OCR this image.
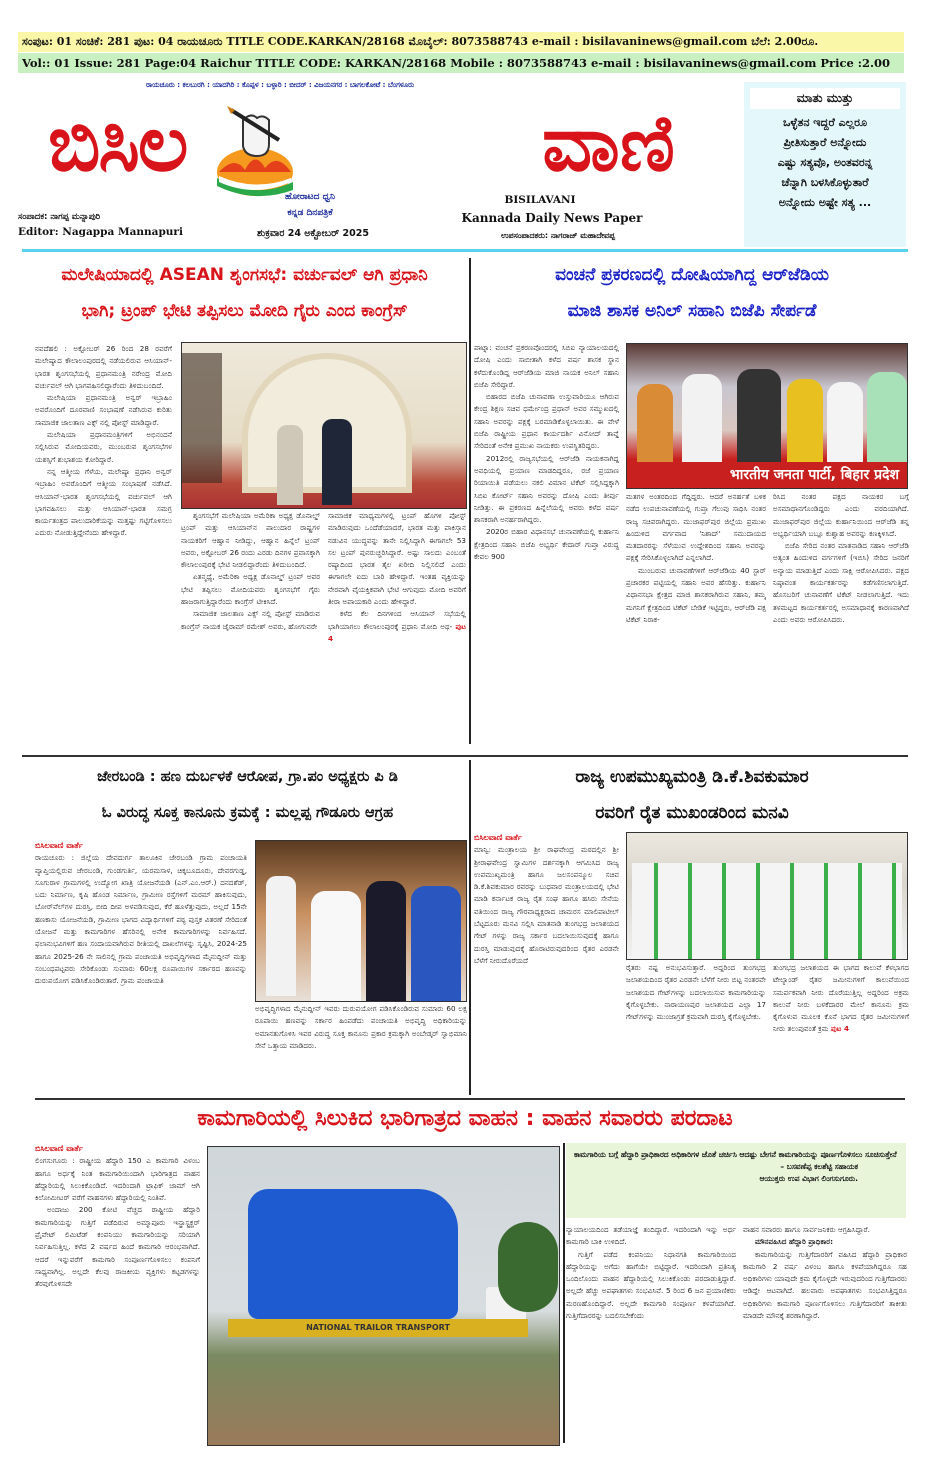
ಸಂಪುಟ: 01 ಸಂಚಿಕೆ: 281 ಪುಟ: 04 ರಾಯಚೂರು TITLE CODE.KARKAN/28168 ಮೊಬೈಲ್: 8073588743 e-mail : bisilavaninews@gmail.com ಬೆಲೆ: 2.00ರೂ.
Vol:: 01 Issue: 281 Page:04 Raichur TITLE CODE: KARKAN/28168 Mobile : 8073588743 e-mail : bisilavaninews@gmail.com Price :2.00
ರಾಯಚೂರು : ಕಲಬುರಗಿ : ಯಾದಗಿರಿ : ಕೊಪ್ಪಳ : ಬಳ್ಳಾರಿ : ಬೀದರ್ : ವಿಜಯನಗರ : ಬಾಗಲಕೋಟೆ : ಬೆಂಗಳೂರು
ಬಿಸಿಲ	ವಾಣಿ
ಹೋರಾಟದ ಧ್ವನಿ
ಕನ್ನಡ ದಿನಪತ್ರಿಕೆ
ಶುಕ್ರವಾರ 24 ಅಕ್ಟೋಬರ್ 2025
ಸಂಪಾದಕ: ನಾಗಪ್ಪ ಮನ್ನಾಪುರಿ
Editor: Nagappa Mannapuri
BISILAVANI
Kannada Daily News Paper
ಉಪಸಂಪಾದಕರು: ನಾಗರಾಜ್ ಮಹಾದೇವಪ್ಪ
ಮಾತು ಮುತ್ತು
ಒಳ್ಳೆತನ ಇದ್ದರೆ ಎಲ್ಲರೂ
ಪ್ರೀತಿಸುತ್ತಾರೆ ಅನ್ನೋದು
ಎಷ್ಟು ಸತ್ಯವೊ, ಅಂತವರನ್ನ
ಚೆನ್ನಾಗಿ ಬಳಸಿಕೊಳ್ಳುತಾರೆ
ಅನ್ನೋದು ಅಷ್ಟೇ ಸತ್ಯ ...
ಮಲೇಷಿಯಾದಲ್ಲಿ ASEAN ಶೃಂಗಸಭೆ: ವರ್ಚುವಲ್ ಆಗಿ ಪ್ರಧಾನಿ
ಭಾಗಿ; ಟ್ರಂಪ್ ಭೇಟಿ ತಪ್ಪಿಸಲು ಮೋದಿ ಗೈರು ಎಂದ ಕಾಂಗ್ರೆಸ್

ನವದೆಹಲಿ : ಅಕ್ಟೋಬರ್ 26 ರಿಂದ 28 ರವರೆಗೆ ಮಲೇಷ್ಯಾದ ಕೌಲಾಲಂಪುರದಲ್ಲಿ ನಡೆಯಲಿರುವ ಆಸಿಯಾನ್-ಭಾರತ ಶೃಂಗಸಭೆಯಲ್ಲಿ ಪ್ರಧಾನಮಂತ್ರಿ ನರೇಂದ್ರ ಮೋದಿ ವರ್ಚುವಲ್ ಆಗಿ ಭಾಗವಹಿಸಲಿದ್ದಾರೆಂದು ತಿಳಿದುಬಂದಿದೆ.

ಮಲೇಷಿಯಾ ಪ್ರಧಾನಮಂತ್ರಿ ಅನ್ವರ್ ಇಬ್ರಾಹಿಂ ಅವರೊಂದಿಗೆ ದೂರವಾಣಿ ಸಂಭಾಷಣೆ ನಡೆಸಿರುವ ಕುರಿತು ಸಾಮಾಜಿಕ ಜಾಲತಾಣ ಎಕ್ಸ್ ನಲ್ಲಿ ಪೋಸ್ಟ್ ಮಾಡಿದ್ದಾರೆ.

ಮಲೇಷಿಯಾ ಪ್ರಧಾನಮಂತ್ರಿಗಳಿಗೆ ಅಭಿನಂದನೆ ಸಲ್ಲಿಸಿರುವ ಮೋದಿಯವರು, ಮುಂಬರುವ ಶೃಂಗಸಭೆಗಳ ಯಶಸ್ಸಿಗೆ ಶುಭಾಶಯ ಕೋರಿದ್ದಾರೆ.

ನನ್ನ ಆತ್ಮೀಯ ಗೆಳೆಯ, ಮಲೇಷ್ಯಾ ಪ್ರಧಾನಿ ಅನ್ವರ್ ಇಬ್ರಾಹಿಂ ಅವರೊಂದಿಗೆ ಆತ್ಮೀಯ ಸಂಭಾಷಣೆ ನಡೆಸಿದೆ. ಆಸಿಯಾನ್-ಭಾರತ ಶೃಂಗಸಭೆಯಲ್ಲಿ ವರ್ಚುವಲ್ ಆಗಿ ಭಾಗವಹಿಸಲು ಮತ್ತು ಆಸಿಯಾನ್-ಭಾರತ ಸಮಗ್ರ ಕಾರ್ಯತಂತ್ರದ ಪಾಲುದಾರಿಕೆಯನ್ನು ಮತ್ತಷ್ಟು ಗಟ್ಟಿಗೊಳಿಸಲು ಎದುರು ನೋಡುತ್ತಿದ್ದೇನೆಂದು ಹೇಳಿದ್ದಾರೆ.

ಶೃಂಗಸಭೆಗೆ ಮಲೇಷಿಯಾ ಅಮೆರಿಕಾ ಅಧ್ಯಕ್ಷ ಡೊನಾಲ್ಡ್ ಟ್ರಂಪ್ ಮತ್ತು ಆಸಿಯಾನ್‌ನ ಪಾಲುದಾರ ರಾಷ್ಟ್ರಗಳ ನಾಯಕರಿಗೆ ಆಹ್ವಾನ ನೀಡಿದ್ದು, ಆಹ್ವಾನ ಹಿನ್ನೆಲೆ ಟ್ರಂಪ್ ಅವರು, ಅಕ್ಟೋಬರ್ 26 ರಂದು ಎರಡು ದಿನಗಳ ಪ್ರವಾಸಕ್ಕಾಗಿ ಕೌಲಾಲಂಪುರಕ್ಕೆ ಭೇಟಿ ನೀಡಲಿದ್ದಾರೆಂದು ತಿಳಿದುಬಂದಿದೆ.

ಏತನ್ಮಧ್ಯೆ, ಅಮೆರಿಕಾ ಅಧ್ಯಕ್ಷ ಡೊನಾಲ್ಡ್ ಟ್ರಂಪ್ ಅವರ ಭೇಟಿ ತಪ್ಪಿಸಲು ಮೋದಿಯವರು ಶೃಂಗಸಭೆಗೆ ಗೈರು ಹಾಜರಾಗುತ್ತಿದ್ದಾರೆಂದು ಕಾಂಗ್ರೆಸ್ ಟೀಕಿಸಿದೆ.

ಸಾಮಾಜಿಕ ಜಾಲತಾಣ ಎಕ್ಸ್ ನಲ್ಲಿ ಪೋಸ್ಟ್ ಮಾಡಿರುವ ಕಾಂಗ್ರೆಸ್ ನಾಯಕ ಜೈರಾಮ್ ರಮೇಶ್ ಅವರು, ಹೋಗುವರೇ

ಸಾಮಾಜಿಕ ಮಾಧ್ಯಮಗಳಲ್ಲಿ ಟ್ರಂಪ್ ಹೊಗಳಿ ಪೋಸ್ಟ್ ಮಾಡಿರುವುದು ಒಂದೆಡೆಯಾದರೆ, ಭಾರತ ಮತ್ತು ಪಾಕಿಸ್ತಾನ ನಡುವಿನ ಯುದ್ಧವನ್ನು ತಾನೇ ನಿಲ್ಲಿಸಿದ್ದಾಗಿ ಈಗಾಗಲೇ 53 ಸಲ ಟ್ರಂಪ್ ಪುನರುಚ್ಚರಿಸಿದ್ದಾರೆ. ಅಷ್ಟು ಸಾಲದು ಎಂಬಂತೆ ರಷ್ಯಾದಿಂದ ಭಾರತ ತೈಲ ಖರೀದಿ ನಿಲ್ಲಿಸಲಿದೆ ಎಂದು ಈಗಾಗಲೇ ಐದು ಬಾರಿ ಹೇಳಿದ್ದಾರೆ. ಇಂತಹ ವ್ಯಕ್ತಿಯನ್ನು ನೇರವಾಗಿ ವೈಯಕ್ತಿಕವಾಗಿ ಭೇಟಿ ಆಗುವುದು ಮೋದಿ ಅವರಿಗೆ ತೀರಾ ಅಪಾಯಕಾರಿ ಎಂದು ಹೇಳಿದ್ದಾರೆ.

ಕಳೆದ ಕೆಲ ದಿನಗಳಿಂದ ಆಸಿಯಾನ್ ಸಭೆಯಲ್ಲಿ ಭಾಗಿಯಾಗಲು ಕೌಲಾಲಂಪುರಕ್ಕೆ ಪ್ರಧಾನಿ ಮೋದಿ ಅಥ- ಪುಟ 4

ವಂಚನೆ ಪ್ರಕರಣದಲ್ಲಿ ದೋಷಿಯಾಗಿದ್ದ ಆರ್‌ಜೆಡಿಯ
ಮಾಜಿ ಶಾಸಕ ಅನಿಲ್ ಸಹಾನಿ ಬಿಜೆಪಿ ಸೇರ್ಪಡೆ

ಪಾಟ್ನಾ: ವಂಚನೆ ಪ್ರಕರಣವೊಂದರಲ್ಲಿ ಸಿಬಿಐ ನ್ಯಾಯಾಲಯದಲ್ಲಿ ದೋಷಿ ಎಂದು ಸಾಬೀತಾಗಿ ಕಳೆದ ವರ್ಷ ಶಾಸಕ ಸ್ಥಾನ ಕಳೆದುಕೊಂಡಿದ್ದ ಆರ್‌ಜೆಡಿಯ ಮಾಜಿ ನಾಯಕ ಅನಿಲ್ ಸಹಾನಿ ಬಿಜೆಪಿ ಸೇರಿದ್ದಾರೆ.

ಬಿಹಾರದ ಬಿಜೆಪಿ ಚುನಾವಣಾ ಉಸ್ತುವಾರಿಯೂ ಆಗಿರುವ ಕೇಂದ್ರ ಶಿಕ್ಷಣ ಸಚಿವ ಧರ್ಮೇಂದ್ರ ಪ್ರಧಾನ್ ಅವರ ಸಮ್ಮುಖದಲ್ಲಿ ಸಹಾನಿ ಅವರನ್ನು ಪಕ್ಷಕ್ಕೆ ಬರಮಾಡಿಕೊಳ್ಳಲಾಯಿತು. ಈ ವೇಳೆ ಬಿಜೆಪಿ ರಾಷ್ಟ್ರೀಯ ಪ್ರಧಾನ ಕಾರ್ಯದರ್ಶಿ ವಿನೋದ್ ತಾವ್ಡೆ ಸೇರಿದಂತೆ ಅನೇಕ ಪ್ರಮುಖ ನಾಯಕರು ಉಪಸ್ಥಿತರಿದ್ದರು.

2012ರಲ್ಲಿ ರಾಜ್ಯಸಭೆಯಲ್ಲಿ ಆರ್‌ಜೆಡಿ ನಾಯಕನಾಗಿದ್ದ ಅವಧಿಯಲ್ಲಿ ಪ್ರಯಾಣ ಮಾಡದಿದ್ದರೂ, ರಜೆ ಪ್ರಯಾಣ ರಿಯಾಯಿತಿ ಪಡೆಯಲು ನಕಲಿ ವಿಮಾನ ಟಿಕೆಟ್ ಸಲ್ಲಿಸಿದ್ದಕ್ಕಾಗಿ ಸಿಬಿಐ ಕೋರ್ಟ್ ಸಹಾನಿ ಅವರನ್ನು ದೋಷಿ ಎಂದು ತೀರ್ಪು ನೀಡಿತ್ತು. ಈ ಪ್ರಕರಣದ ಹಿನ್ನೆಲೆಯಲ್ಲಿ ಅವರು ಕಳೆದ ವರ್ಷ ಶಾಸಕರಾಗಿ ಅನರ್ಹರಾಗಿದ್ದರು.

2020ರ ಬಿಹಾರ ವಿಧಾನಸಭೆ ಚುನಾವಣೆಯಲ್ಲಿ ಕುರ್ಹಾನಿ ಕ್ಷೇತ್ರದಿಂದ ಸಹಾನಿ ಬಿಜೆಪಿ ಅಭ್ಯರ್ಥಿ ಕೇದಾರ್ ಗುಪ್ತಾ ವಿರುದ್ಧ ಕೇವಲ 900

भारतीय जनता पार्टी, बिहार प्रदेश

ಮತಗಳ ಅಂತರದಿಂದ ಗೆದ್ದಿದ್ದರು. ಆದರೆ ಅನರ್ಹತೆ ಬಳಿಕ ನಡೆದ ಉಪಚುನಾವಣೆಯಲ್ಲಿ ಗುಪ್ತಾ ಗೆಲುವು ಸಾಧಿಸಿ ನಂತರ ರಾಜ್ಯ ಸಚಿವರಾಗಿದ್ದರು. ಮುಜಾಫರ್‌ಪುರ ಜಿಲ್ಲೆಯ ಪ್ರಮುಖ ಹಿಂದುಳಿದ ವರ್ಗವಾದ 'ನಿಶಾದ್' ಸಮುದಾಯದ ಮತದಾರರನ್ನು ಸೆಳೆಯುವ ಉದ್ದೇಶದಿಂದ ಸಹಾನಿ ಅವರನ್ನು ಪಕ್ಷಕ್ಕೆ ಸೇರಿಸಿಕೊಳ್ಳಲಾಗಿದೆ ಎನ್ನಲಾಗಿದೆ.

ಮುಂಬರುವ ಚುನಾವಣೆಗಳಿಗೆ ಆರ್‌ಜೆಡಿಯ 40 ಸ್ಟಾರ್ ಪ್ರಚಾರಕರ ಪಟ್ಟಿಯಲ್ಲಿ ಸಹಾನಿ ಅವರ ಹೆಸರಿತ್ತು. ಕುರ್ಹಾನಿ ವಿಧಾನಸಭಾ ಕ್ಷೇತ್ರದ ಮಾಜಿ ಶಾಸಕರಾಗಿರುವ ಸಹಾನಿ, ತಮ್ಮ ಮಗನಿಗೆ ಕ್ಷೇತ್ರದಿಂದ ಟಿಕೆಟ್ ಬೇಡಿಕೆ ಇಟ್ಟಿದ್ದರು, ಆರ್‌ಜೆಡಿ ಪಕ್ಷ ಟಿಕೆಟ್ ನಿರಾಕ-

ರಿಸಿದ ನಂತರ ಪಕ್ಷದ ನಾಯಕರ ಬಗ್ಗೆ ಅಸಮಾಧಾನಗೊಂಡಿದ್ದರು ಎಂದು ವರದಿಯಾಗಿದೆ. ಮುಜಾಫರ್‌ಪುರ ಜಿಲ್ಲೆಯ ಕುರ್ಹಾನಿಯಿಂದ ಆರ್‌ಜೆಡಿ ತನ್ನ ಅಭ್ಯರ್ಥಿಯಾಗಿ ಬಬ್ಲೂ ಕುಶ್ವಾಹ ಅವರನ್ನು ಕಣಕ್ಕಿಳಿಸಿದೆ.

ಬಿಜೆಪಿ ಸೇರಿದ ನಂತರ ಮಾತನಾಡಿದ ಸಹಾನಿ ಆರ್‌ಜೆಡಿ ಅತ್ಯಂತ ಹಿಂದುಳಿದ ವರ್ಗಗಳಿಗೆ (ಇಬಿಸಿ) ಸೇರಿದ ಜನರಿಗೆ ಅನ್ಯಾಯ ಮಾಡುತ್ತಿದೆ ಎಂದು ಸಾಕ್ಷಿ ಆರೋಪಿಸಿದರು. ಪಕ್ಷದ ನಿಷ್ಠಾವಂತ ಕಾರ್ಯಕರ್ತರನ್ನು ಕಡೆಗಣಿಸಲಾಗುತ್ತಿದೆ. ಹೊಸಬರಿಗೆ ಚುನಾವಣೆಗೆ ಟಿಕೆಟ್ ನೀಡಲಾಗುತ್ತಿದೆ. ಇದು ತಳಮಟ್ಟದ ಕಾರ್ಯಕರ್ತರಲ್ಲಿ ಅಸಮಾಧಾನಕ್ಕೆ ಕಾರಣವಾಗಿದೆ ಎಂದು ಅವರು ಆರೋಪಿಸಿದರು.

ಜೇರಬಂಡಿ : ಹಣ ದುರ್ಬಳಕೆ ಆರೋಪ, ಗ್ರಾ.ಪಂ ಅಧ್ಯಕ್ಷರು ಪಿ ಡಿ
ಓ ವಿರುದ್ಧ ಸೂಕ್ತ ಕಾನೂನು ಕ್ರಮಕ್ಕೆ : ಮಲ್ಲಪ್ಪ ಗೌಡೂರು ಆಗ್ರಹ
ಬಿಸಿಲವಾಣಿ ವಾರ್ತೆ

ರಾಯಚೂರು : ಜಿಲ್ಲೆಯ ದೇವದುರ್ಗ ತಾಲೂಕಿನ ಜೇರಬಂಡಿ ಗ್ರಾಮ ಪಂಚಾಯತಿ ವ್ಯಾಪ್ತಿಯಲ್ಲಿರುವ ಜೇರಬಂಡಿ, ಗುಂಡಗುರ್ತಿ, ಯರಮಸಾಳ, ಚಿಕ್ಕಬೂದೂರು, ದೇವರಗುಡ್ಡ, ಸೂಗುರಾಳ ಗ್ರಾಮಗಳಲ್ಲಿ ಉದ್ಯೋಗ ಖಾತ್ರಿ ಯೋಜನೆಯಡಿ (ಎನ್.ಎಂ.ಆರ್.) ದನದಶೆಡ್, ಬದು ನಿರ್ಮಾಣ, ಕೃಷಿ ಹೊಂಡ ನಿರ್ಮಾಣ, ಗ್ರಾಮೀಣ ರಸ್ತೆಗಳಿಗೆ ಮರಮ್ ಹಾಕಿಸುವುದು, ಬೋರ್‌ವೆಲ್‌ಗಳ ದುರಸ್ತಿ, ಬೀದಿ ದೀಪ ಅಳವಡಿಸುವುದ, ಕೆರೆ ಹೂಳೆತ್ತುವುದು, ಅಲ್ಲದೆ 15ನೇ ಹಣಕಾಸು ಯೋಜನೆಯಡಿ, ಗ್ರಾಮೀಣ ಭಾಗದ ವಿದ್ಯಾರ್ಥಿಗಳಿಗೆ ಪಠ್ಯ ಪುಸ್ತಕ ವಿತರಣೆ ಸೇರಿದಂತೆ ಯೋಜನೆ ಮತ್ತು ಕಾಮಗಾರಿಗಳ ಹೆಸರಿನಲ್ಲಿ ಅನೇಕ ಕಾಮಗಾರಿಗಳನ್ನು ನಿರ್ವಹಿಸದೆ. ಫಲಾನುಭವಿಗಳಿಗೆ ಹಣ ಸಂದಾಯವಾಗಿರುವ ರೀತಿಯಲ್ಲಿ ದಾಖಲೆಗಳನ್ನು ಸೃಷ್ಟಿಸಿ, 2024-25 ಹಾಗೂ 2025-26 ನೇ ಸಾಲಿನಲ್ಲಿ ಗ್ರಾಮ ಪಂಚಾಯತಿ ಅಭಿವೃದ್ಧಿಗಳಾದ ಮೈನುದ್ದೀನ್ ಮತ್ತು ಸಂಬಂಧಪಟ್ಟವರು ಸೇರಿಕೊಂಡು ಸುಮಾರು 60ಲಕ್ಷ ರೂಪಾಯಿಗಳ ಸರ್ಕಾರದ ಹಣವನ್ನು ದುರುಪಯೋಗ ಪಡಿಸಿಕೊಂಡಿರುತಾರೆ. ಗ್ರಾಮ ಪಂಚಾಯತಿ

ಅಭಿವೃದ್ಧಿಗಳಾದ ಮೈನುದ್ದೀನ್ ಇವರು ದುರುಪಯೋಗ ಪಡಿಸಿಕೊಂಡಿರುವ ಸುಮಾರು 60 ಲಕ್ಷ ರೂಪಾಯಿ ಹಣವನ್ನು ಸರ್ಕಾರ ಹಿಂಪಡೆದು ಪಂಚಾಯತಿ ಅಭಿವೃದ್ಧಿ ಅಧಿಕಾರಿಯನ್ನು ಅಮಾನತುಗೊಳಿಸಿ ಇವರ ವಿರುದ್ಧ ಸೂಕ್ತ ಕಾನೂನು ಪ್ರಕಾರ ಕ್ರಮಕ್ಕಾಗಿ ಅಂಬೇಡ್ಕರ್ ಸ್ವಾಭಿಮಾನಿ ಸೇನೆ ಒತ್ತಾಯ ಮಾಡಿದರು.

ರಾಜ್ಯ ಉಪಮುಖ್ಯಮಂತ್ರಿ ಡಿ.ಕೆ.ಶಿವಕುಮಾರ
ರವರಿಗೆ ರೈತ ಮುಖಂಡರಿಂದ ಮನವಿ
ಬಿಸಿಲವಾಣಿ ವಾರ್ತೆ

ಮಾನ್ವಿ: ಮಂತ್ರಾಲಯ ಶ್ರೀ ರಾಘವೇಂದ್ರ ಮಠದಲ್ಲಿನ ಶ್ರೀ ಶ್ರೀರಾಘವೇಂದ್ರ ಸ್ವಾಮಿಗಳ ದರ್ಶನಕ್ಕಾಗಿ ಆಗಮಿಸಿದ ರಾಜ್ಯ ಉಪಮುಖ್ಯಮಂತ್ರಿ ಹಾಗೂ ಜಲಸಂಪನ್ಮೂಲ ಸಚಿವ ಡಿ.ಕೆ.ಶಿವಕುಮಾರ ರವರನ್ನು ಬುಧವಾರ ಮಂತ್ರಾಲಯದಲ್ಲಿ ಭೇಟಿ ಮಾಡಿ ಕರ್ನಾಟಕ ರಾಜ್ಯ ರೈತ ಸಂಘ ಹಾಗೂ ಹಸಿರು ಸೇನೆಯ ವತಿಯಿಂದ ರಾಜ್ಯ ಗೌರವಾಧ್ಯಕ್ಷರಾದ ಚಾಮರಸ ಮಾಲಿಪಾಟೀಲ್ ಬೆಟ್ಟದೂರು ಮನವಿ ಸಲ್ಲಿಸಿ ಮಾತನಾಡಿ ತುಂಗಭದ್ರ ಜಲಾಶಯದ ಗೇಟ್ ಗಳನ್ನು ರಾಜ್ಯ ಸರ್ಕಾರ ಬದಲಾಯಿಸುವುದಕ್ಕೆ ಹಾಗೂ ದುರಸ್ತಿ ಮಾಡುವುದಕ್ಕೆ ಹೊರಾಟಿರುವುದರಿಂದ ರೈತರ ಎರಡನೇ ಬೆಳೆಗೆ ನೀರುದೊರೆಯದೆ

ರೈತರು ನಷ್ಟ ಅನುಭವಿಸುತ್ತಾರೆ. ಅದ್ದರಿಂದ ತುಂಗಭದ್ರ ಜಲಾಶಯದಿಂದ ರೈತರ ಎರಡನೇ ಬೆಳೆಗೆ ನೀರು ಬಿಟ್ಟ ನಂತರವೇ ಜಲಾಶಯದ ಗೇಟ್‌ಗಳನ್ನು ಬದಲಾಯಿಸುವ ಕಾಮಗಾರಿಯನ್ನು ಕೈಗೊಳ್ಳಬೇಕು. ನಾರಾಯಣಪುರ ಜಲಾಶಯದ ಎಲ್ಲಾ 17 ಗೇಟ್‌ಗಳನ್ನು ಮುಂಜಾಗ್ರತೆ ಕ್ರಮವಾಗಿ ದುರಸ್ತಿ ಕೈಗೊಳ್ಳಬೇಕು.

ತುಂಗಭದ್ರ ಜಲಾಶಯದ ಈ ಭಾಗದ ಕಾಲುವೆ ಕೆಳಭಾಗದ ಟೇಲ್ಯಾಂಡ್ ರೈತರ ಜಮೀನುಗಳಿಗೆ ಕಾಲುವೆಯಿಂದ ಸಮರ್ಪಕವಾಗಿ ನೀರು ದೊರೆಯುತ್ತಿಲ್ಲ ಅದ್ದರಿಂದ ಅಕ್ರಮ ಕಾಲುವೆ ನೀರು ಬಳಕೆದಾರರ ಮೇಲೆ ಕಾನೂನು ಕ್ರಮ ಕೈಗೊಳುವ ಮೂಲಕ ಕೊನೆ ಭಾಗದ ರೈತರ ಜಮೀನುಗಳಿಗೆ ನೀರು ತಲುಪುವಂತೆ ಕ್ರಮ ಪುಟ 4

ಕಾಮಗಾರಿಯಲ್ಲಿ ಸಿಲುಕಿದ ಭಾರಿಗಾತ್ರದ ವಾಹನ : ವಾಹನ ಸವಾರರು ಪರದಾಟ
ಬಿಸಿಲವಾಣಿ ವಾರ್ತೆ

ಲಿಂಗಸುಗೂರು : ರಾಷ್ಟ್ರೀಯ ಹೆದ್ದಾರಿ 150 ಎ ಕಾಮಗಾರಿ ವಿಳಂಬ ಹಾಗೂ ಅರ್ಧಕ್ಕೆ ನಿಂತ ಕಾಮಗಾರಿಯಿಂದಾಗಿ ಭಾರಿಗಾತ್ರದ ವಾಹನ ಹೆದ್ದಾರಿಯಲ್ಲಿ ಸಿಲುಕಿಕೊಂಡಿದೆ. ಇದರಿಂದಾಗಿ ಟ್ರಾಫಿಕ್ ಜಾಮ್ ಆಗಿ ಕಿಲೋಮೀಟರ್ ವರೆಗೆ ವಾಹನಗಳು ಹೆದ್ದಾರಿಯಲ್ಲಿ ನಿಂತಿವೆ.

ಅಂದಾಜು 200 ಕೋಟಿ ವೆಚ್ಚದ ರಾಷ್ಟ್ರೀಯ ಹೆದ್ದಾರಿ ಕಾಮಗಾರಿಯನ್ನು ಗುತ್ತಿಗೆ ಪಡೆದಿರುವ ಅಮ್ಮಾಪೂರು ಇನ್ಫ್ರಾಸ್ಟ್ರಕ್ಚರ್ ಪ್ರೈವೇಟ್ ಲಿಮಿಟೆಡ್ ಕಂಪನಿಯು ಕಾಮಗಾರಿಯನ್ನು ಸರಿಯಾಗಿ ನಿರ್ವಹಿಸುತ್ತಿಲ್ಲ. ಕಳೆದ 2 ವರ್ಷದ ಹಿಂದೆ ಕಾಮಗಾರಿ ಆರಂಭವಾಗಿದೆ. ಆದರೆ ಇನ್ನುವರೆಗೆ ಕಾಮಗಾರಿ ಸಂಪೂರ್ಣಗೊಳಿಸಲು ಕಂಪನಿಗೆ ಸಾಧ್ಯವಾಗಿಲ್ಲ. ಅಲ್ಲದೇ ಕೆಲವು ರಾಜಕೀಯ ವ್ಯಕ್ತಿಗಳು ಕಟ್ಟಡಗಳನ್ನು ತೆರವುಗೊಳಿಸದೇ

NATIONAL TRAILOR TRANSPORT
ಕಾಮಗಾರಿಯ ಬಗ್ಗೆ ಹೆದ್ದಾರಿ ಪ್ರಾಧಿಕಾರದ ಅಧಿಕಾರಿಗಳ ಜೊತೆ ಚರ್ಚಿಸಿ ಆದಷ್ಟು ಬೇಗನೆ ಕಾಮಗಾರಿಯನ್ನು ಪೂರ್ಣಗೊಳಿಸಲು ಸೂಚಿಸುತ್ತೇನೆ
– ಬಸವಣೆಪ್ಪ ಕಲಶೆಟ್ಟಿ ಸಹಾಯಕ
ಆಯುಕ್ತರು ಉಪ ವಿಭಾಗ ಲಿಂಗಸುಗೂರು.

ನ್ಯಾಯಾಲಯದಿಂದ ತಡೆಯಾಜ್ಞೆ ತಂದಿದ್ದಾರೆ. ಇದರಿಂದಾಗಿ ಇನ್ನು ಅರ್ಧ ಕಾಮಗಾರಿ ಬಾಕಿ ಉಳಿದಿದೆ.

ಗುತ್ತಿಗೆ ಪಡೆದ ಕಂಪನಿಯು ನಿಧಾನಗತಿ ಕಾಮಗಾರಿಯಿಂದ ಹೆದ್ದಾರಿಯನ್ನು ಅಗೆದು ಹಾಗೆಯೇ ಬಿಟ್ಟಿದ್ದಾರೆ. ಇದರಿಂದಾಗಿ ಪ್ರತಿನಿತ್ಯ ಒಂದಿಲೊಂದು ವಾಹನ ಹೆದ್ದಾರಿಯಲ್ಲಿ ಸಿಲುಕಿಕೊಂಡು ಪರದಾಡುತ್ತಿದ್ದಾರೆ. ಅಲ್ಲದೇ ಹೆಚ್ಚು ಅಪಘಾತಗಳು ಸಂಭವಿಸಿವೆ. 5 ರಿಂದ 6 ಜನ ಪ್ರಯಾಣಿಕರು ಮರಣಹೊಂದಿದ್ದಾರೆ. ಅಲ್ಲದೇ ಕಾಮಗಾರಿ ಸಂಪೂರ್ಣ ಕಳಪೆಯಾಗಿದೆ. ಗುತ್ತಿಗೆದಾರರನ್ನು ಬದಲಿಸಬೇಕೆಂದು

ವಾಹನ ಸವಾರರು ಹಾಗೂ ಸಾರ್ವಜನಿಕರು ಆಗ್ರಹಿಸಿದ್ದಾರೆ.

ಮೌನವಹಿಸಿದ ಹೆದ್ದಾರಿ ಪ್ರಾಧಿಕಾರ:

ಕಾಮಗಾರಿಯನ್ನು ಗುತ್ತಿಗೆದಾರರಿಗೆ ವಹಿಸಿದ ಹೆದ್ದಾರಿ ಪ್ರಾಧಿಕಾರ ಕಾಮಗಾರಿ 2 ವರ್ಷ ವಿಳಂಬ ಹಾಗೂ ಕಳಪೆಯಾಗಿದ್ದರೂ ಸಹ ಅಧಿಕಾರಿಗಳು ಯಾವುದೇ ಕ್ರಮ ಕೈಗೊಳ್ಳದೇ ಇರುವುದರಿಂದ ಗುತ್ತಿಗೆದಾರರು ಆಡಿದ್ದೇ ಆಟವಾಗಿದೆ. ಹಲವಾರು ಅಪಘಾತಗಳು ಸಂಭವಿಸಿತ್ತಿದ್ದರೂ ಅಧಿಕಾರಿಗಳು ಕಾಮಗಾರಿ ಪೂರ್ಣಗೊಳಿಸಲು ಗುತ್ತಿಗೆದಾರರಿಗೆ ತಾಕೀತು ಮಾಡದೇ ಮೌನಕ್ಕೆ ಶರಣಾಗಿದ್ದಾರೆ.
